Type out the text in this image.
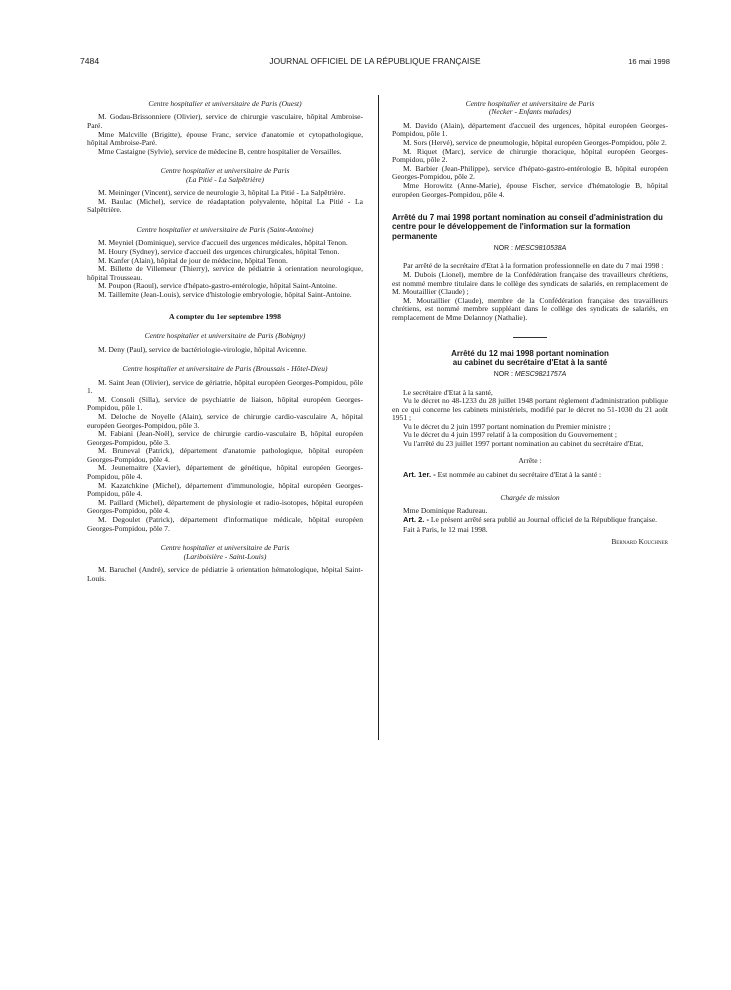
7484	JOURNAL OFFICIEL DE LA RÉPUBLIQUE FRANÇAISE	16 mai 1998
Centre hospitalier et universitaire de Paris (Ouest)

M. Godau-Brissonniere (Olivier), service de chirurgie vasculaire, hôpital Ambroise-Paré.

Mme Malcville (Brigitte), épouse Franc, service d'anatomie et cytopathologique, hôpital Ambroise-Paré.

Mme Castaigne (Sylvie), service de médecine B, centre hospitalier de Versailles.

Centre hospitalier et universitaire de Paris
(La Pitié - La Salpêtrière)

M. Meininger (Vincent), service de neurologie 3, hôpital La Pitié - La Salpêtrière.

M. Baulac (Michel), service de réadaptation polyvalente, hôpital La Pitié - La Salpêtrière.

Centre hospitalier et universitaire de Paris (Saint-Antoine)

M. Meyniel (Dominique), service d'accueil des urgences médicales, hôpital Tenon.

M. Houry (Sydney), service d'accueil des urgences chirurgicales, hôpital Tenon.

M. Kanfer (Alain), hôpital de jour de médecine, hôpital Tenon.

M. Billette de Villemeur (Thierry), service de pédiatrie à orientation neurologique, hôpital Trousseau.

M. Poupon (Raoul), service d'hépato-gastro-entérologie, hôpital Saint-Antoine.

M. Taillemite (Jean-Louis), service d'histologie embryologie, hôpital Saint-Antoine.

A compter du 1er septembre 1998
Centre hospitalier et universitaire de Paris (Bobigny)

M. Deny (Paul), service de bactériologie-virologie, hôpital Avicenne.

Centre hospitalier et universitaire de Paris (Broussais - Hôtel-Dieu)

M. Saint Jean (Olivier), service de gériatrie, hôpital européen Georges-Pompidou, pôle 1.

M. Consoli (Silla), service de psychiatrie de liaison, hôpital européen Georges-Pompidou, pôle 1.

M. Deloche de Noyelle (Alain), service de chirurgie cardio-vasculaire A, hôpital européen Georges-Pompidou, pôle 3.

M. Fabiani (Jean-Noël), service de chirurgie cardio-vasculaire B, hôpital européen Georges-Pompidou, pôle 3.

M. Bruneval (Patrick), département d'anatomie pathologique, hôpital européen Georges-Pompidou, pôle 4.

M. Jeunemaitre (Xavier), département de génétique, hôpital européen Georges-Pompidou, pôle 4.

M. Kazatchkine (Michel), département d'immunologie, hôpital européen Georges-Pompidou, pôle 4.

M. Paillard (Michel), département de physiologie et radio-isotopes, hôpital européen Georges-Pompidou, pôle 4.

M. Degoulet (Patrick), département d'informatique médicale, hôpital européen Georges-Pompidou, pôle 7.

Centre hospitalier et universitaire de Paris
(Lariboisière - Saint-Louis)

M. Baruchel (André), service de pédiatrie à orientation hématologique, hôpital Saint-Louis.

Centre hospitalier et universitaire de Paris
(Necker - Enfants malades)

M. Davido (Alain), département d'accueil des urgences, hôpital européen Georges-Pompidou, pôle 1.

M. Sors (Hervé), service de pneumologie, hôpital européen Georges-Pompidou, pôle 2.

M. Riquet (Marc), service de chirurgie thoracique, hôpital européen Georges-Pompidou, pôle 2.

M. Barbier (Jean-Philippe), service d'hépato-gastro-entérologie B, hôpital européen Georges-Pompidou, pôle 2.

Mme Horowitz (Anne-Marie), épouse Fischer, service d'hématologie B, hôpital européen Georges-Pompidou, pôle 4.

Arrêté du 7 mai 1998 portant nomination au conseil d'administration du centre pour le développement de l'information sur la formation permanente

NOR : MESC9810538A

Par arrêté de la secrétaire d'Etat à la formation professionnelle en date du 7 mai 1998 :

M. Dubois (Lionel), membre de la Confédération française des travailleurs chrétiens, est nommé membre titulaire dans le collège des syndicats de salariés, en remplacement de M. Moutaillier (Claude) ;

M. Moutaillier (Claude), membre de la Confédération française des travailleurs chrétiens, est nommé membre suppléant dans le collège des syndicats de salariés, en remplacement de Mme Delannoy (Nathalie).

Arrêté du 12 mai 1998 portant nomination

au cabinet du secrétaire d'Etat à la santé

NOR : MESC9821757A

Le secrétaire d'Etat à la santé,

Vu le décret no 48-1233 du 28 juillet 1948 portant règlement d'administration publique en ce qui concerne les cabinets ministériels, modifié par le décret no 51-1030 du 21 août 1951 ;

Vu le décret du 2 juin 1997 portant nomination du Premier ministre ;

Vu le décret du 4 juin 1997 relatif à la composition du Gouvernement ;

Vu l'arrêté du 23 juillet 1997 portant nomination au cabinet du secrétaire d'Etat,

Arrête :

Art. 1er. - Est nommée au cabinet du secrétaire d'Etat à la santé :

Chargée de mission

Mme Dominique Radureau.

Art. 2. - Le présent arrêté sera publié au Journal officiel de la République française.

Fait à Paris, le 12 mai 1998.

Bernard Kouchner
